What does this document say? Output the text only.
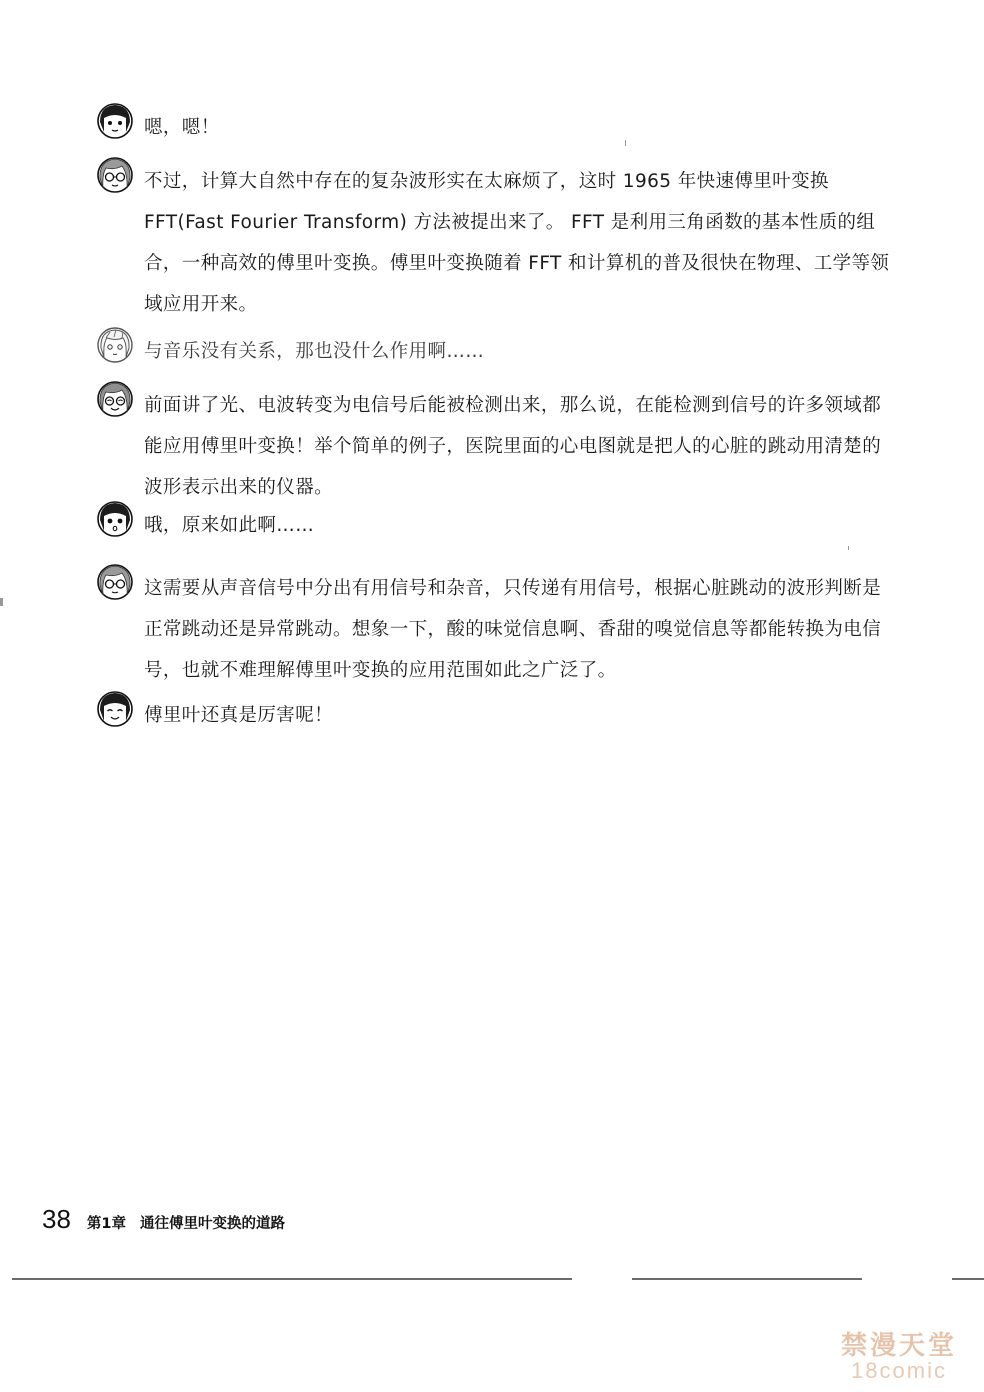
嗯，嗯！

不过，计算大自然中存在的复杂波形实在太麻烦了，这时 1965 年快速傅里叶变换 FFT(Fast Fourier Transform) 方法被提出来了。 FFT 是利用三角函数的基本性质的组合，一种高效的傅里叶变换。傅里叶变换随着 FFT 和计算机的普及很快在物理、工学等领域应用开来。

与音乐没有关系，那也没什么作用啊……

前面讲了光、电波转变为电信号后能被检测出来，那么说，在能检测到信号的许多领域都能应用傅里叶变换！举个简单的例子，医院里面的心电图就是把人的心脏的跳动用清楚的波形表示出来的仪器。

哦，原来如此啊……

这需要从声音信号中分出有用信号和杂音，只传递有用信号，根据心脏跳动的波形判断是正常跳动还是异常跳动。想象一下，酸的味觉信息啊、香甜的嗅觉信息等都能转换为电信号，也就不难理解傅里叶变换的应用范围如此之广泛了。

傅里叶还真是厉害呢！

38 第1章 通往傅里叶变换的道路
禁漫天堂
18comic
